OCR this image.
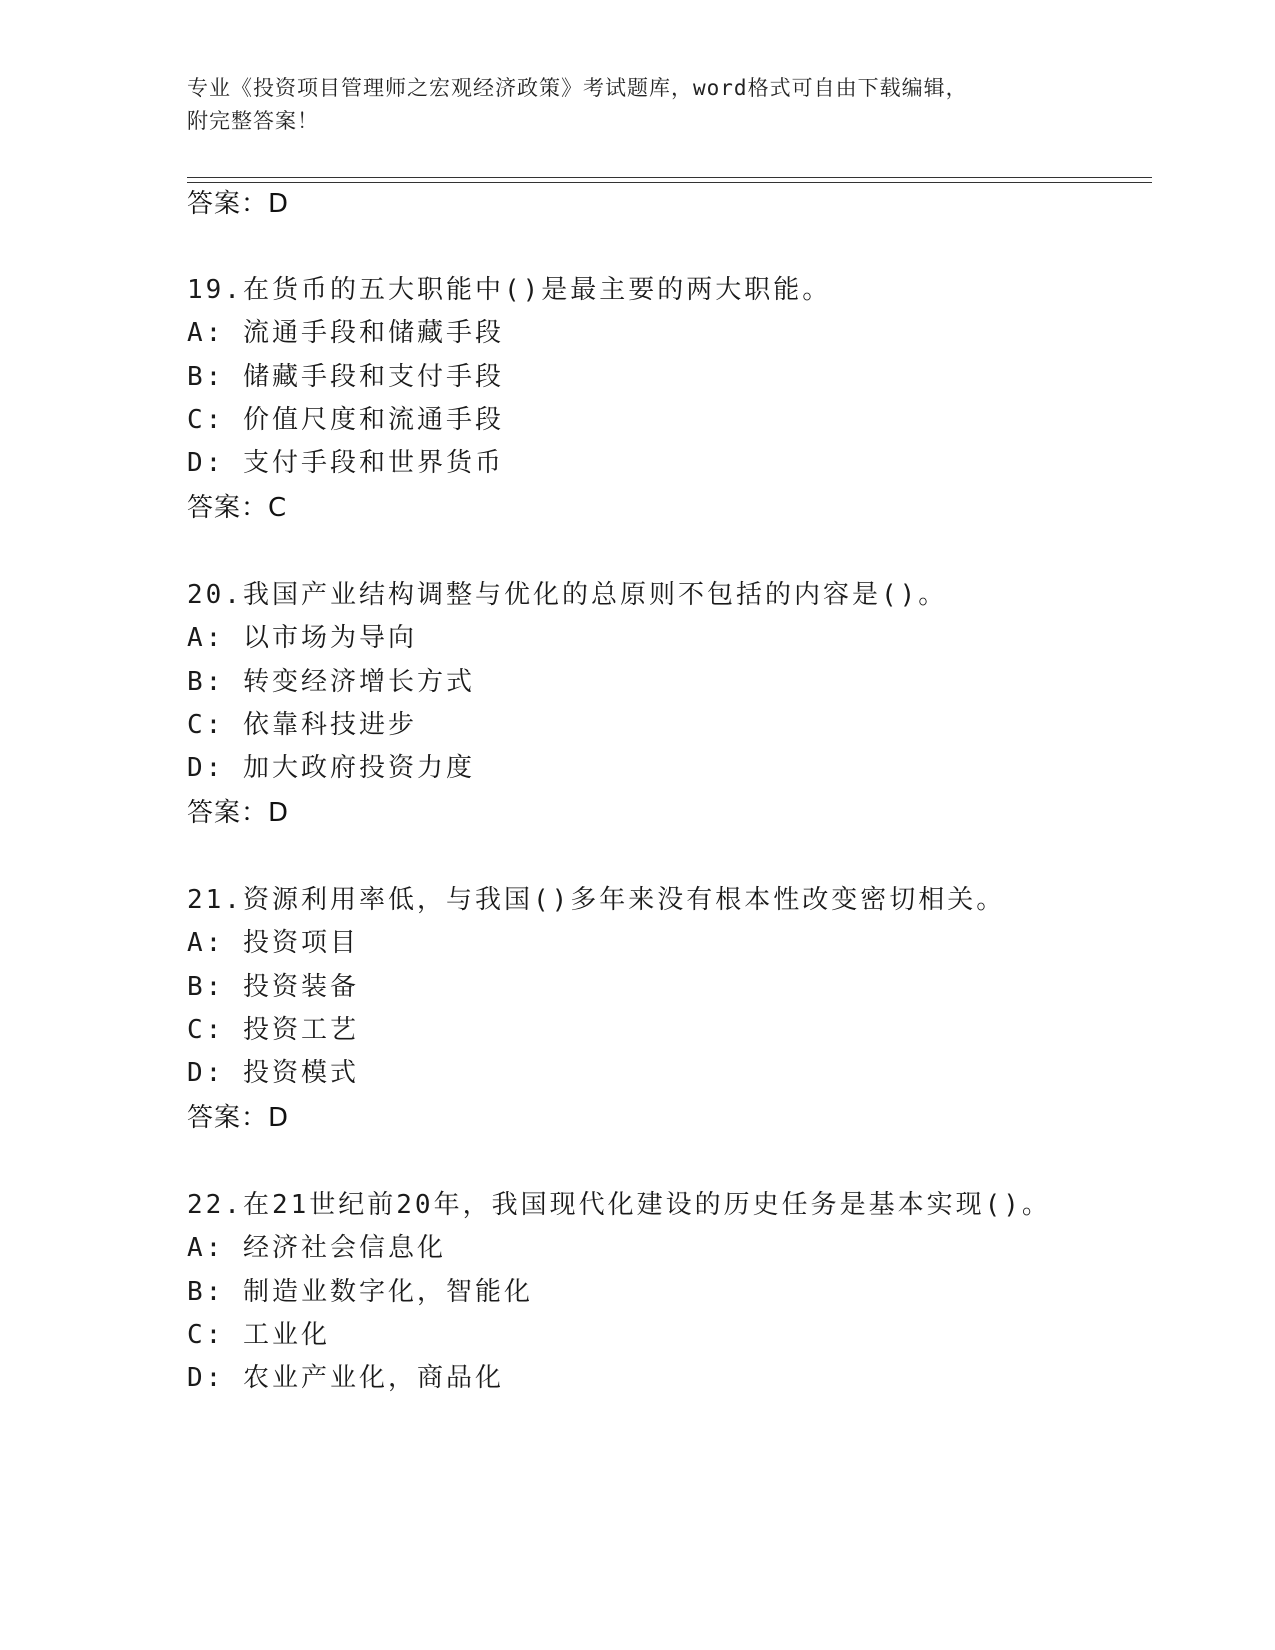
专业《投资项目管理师之宏观经济政策》考试题库，word格式可自由下载编辑，
附完整答案！
答案：D
19.在货币的五大职能中()是最主要的两大职能。
A: 流通手段和储藏手段
B: 储藏手段和支付手段
C: 价值尺度和流通手段
D: 支付手段和世界货币
答案：C
20.我国产业结构调整与优化的总原则不包括的内容是()。
A: 以市场为导向
B: 转变经济增长方式
C: 依靠科技进步
D: 加大政府投资力度
答案：D
21.资源利用率低，与我国()多年来没有根本性改变密切相关。
A: 投资项目
B: 投资装备
C: 投资工艺
D: 投资模式
答案：D
22.在21世纪前20年，我国现代化建设的历史任务是基本实现()。
A: 经济社会信息化
B: 制造业数字化，智能化
C: 工业化
D: 农业产业化，商品化
